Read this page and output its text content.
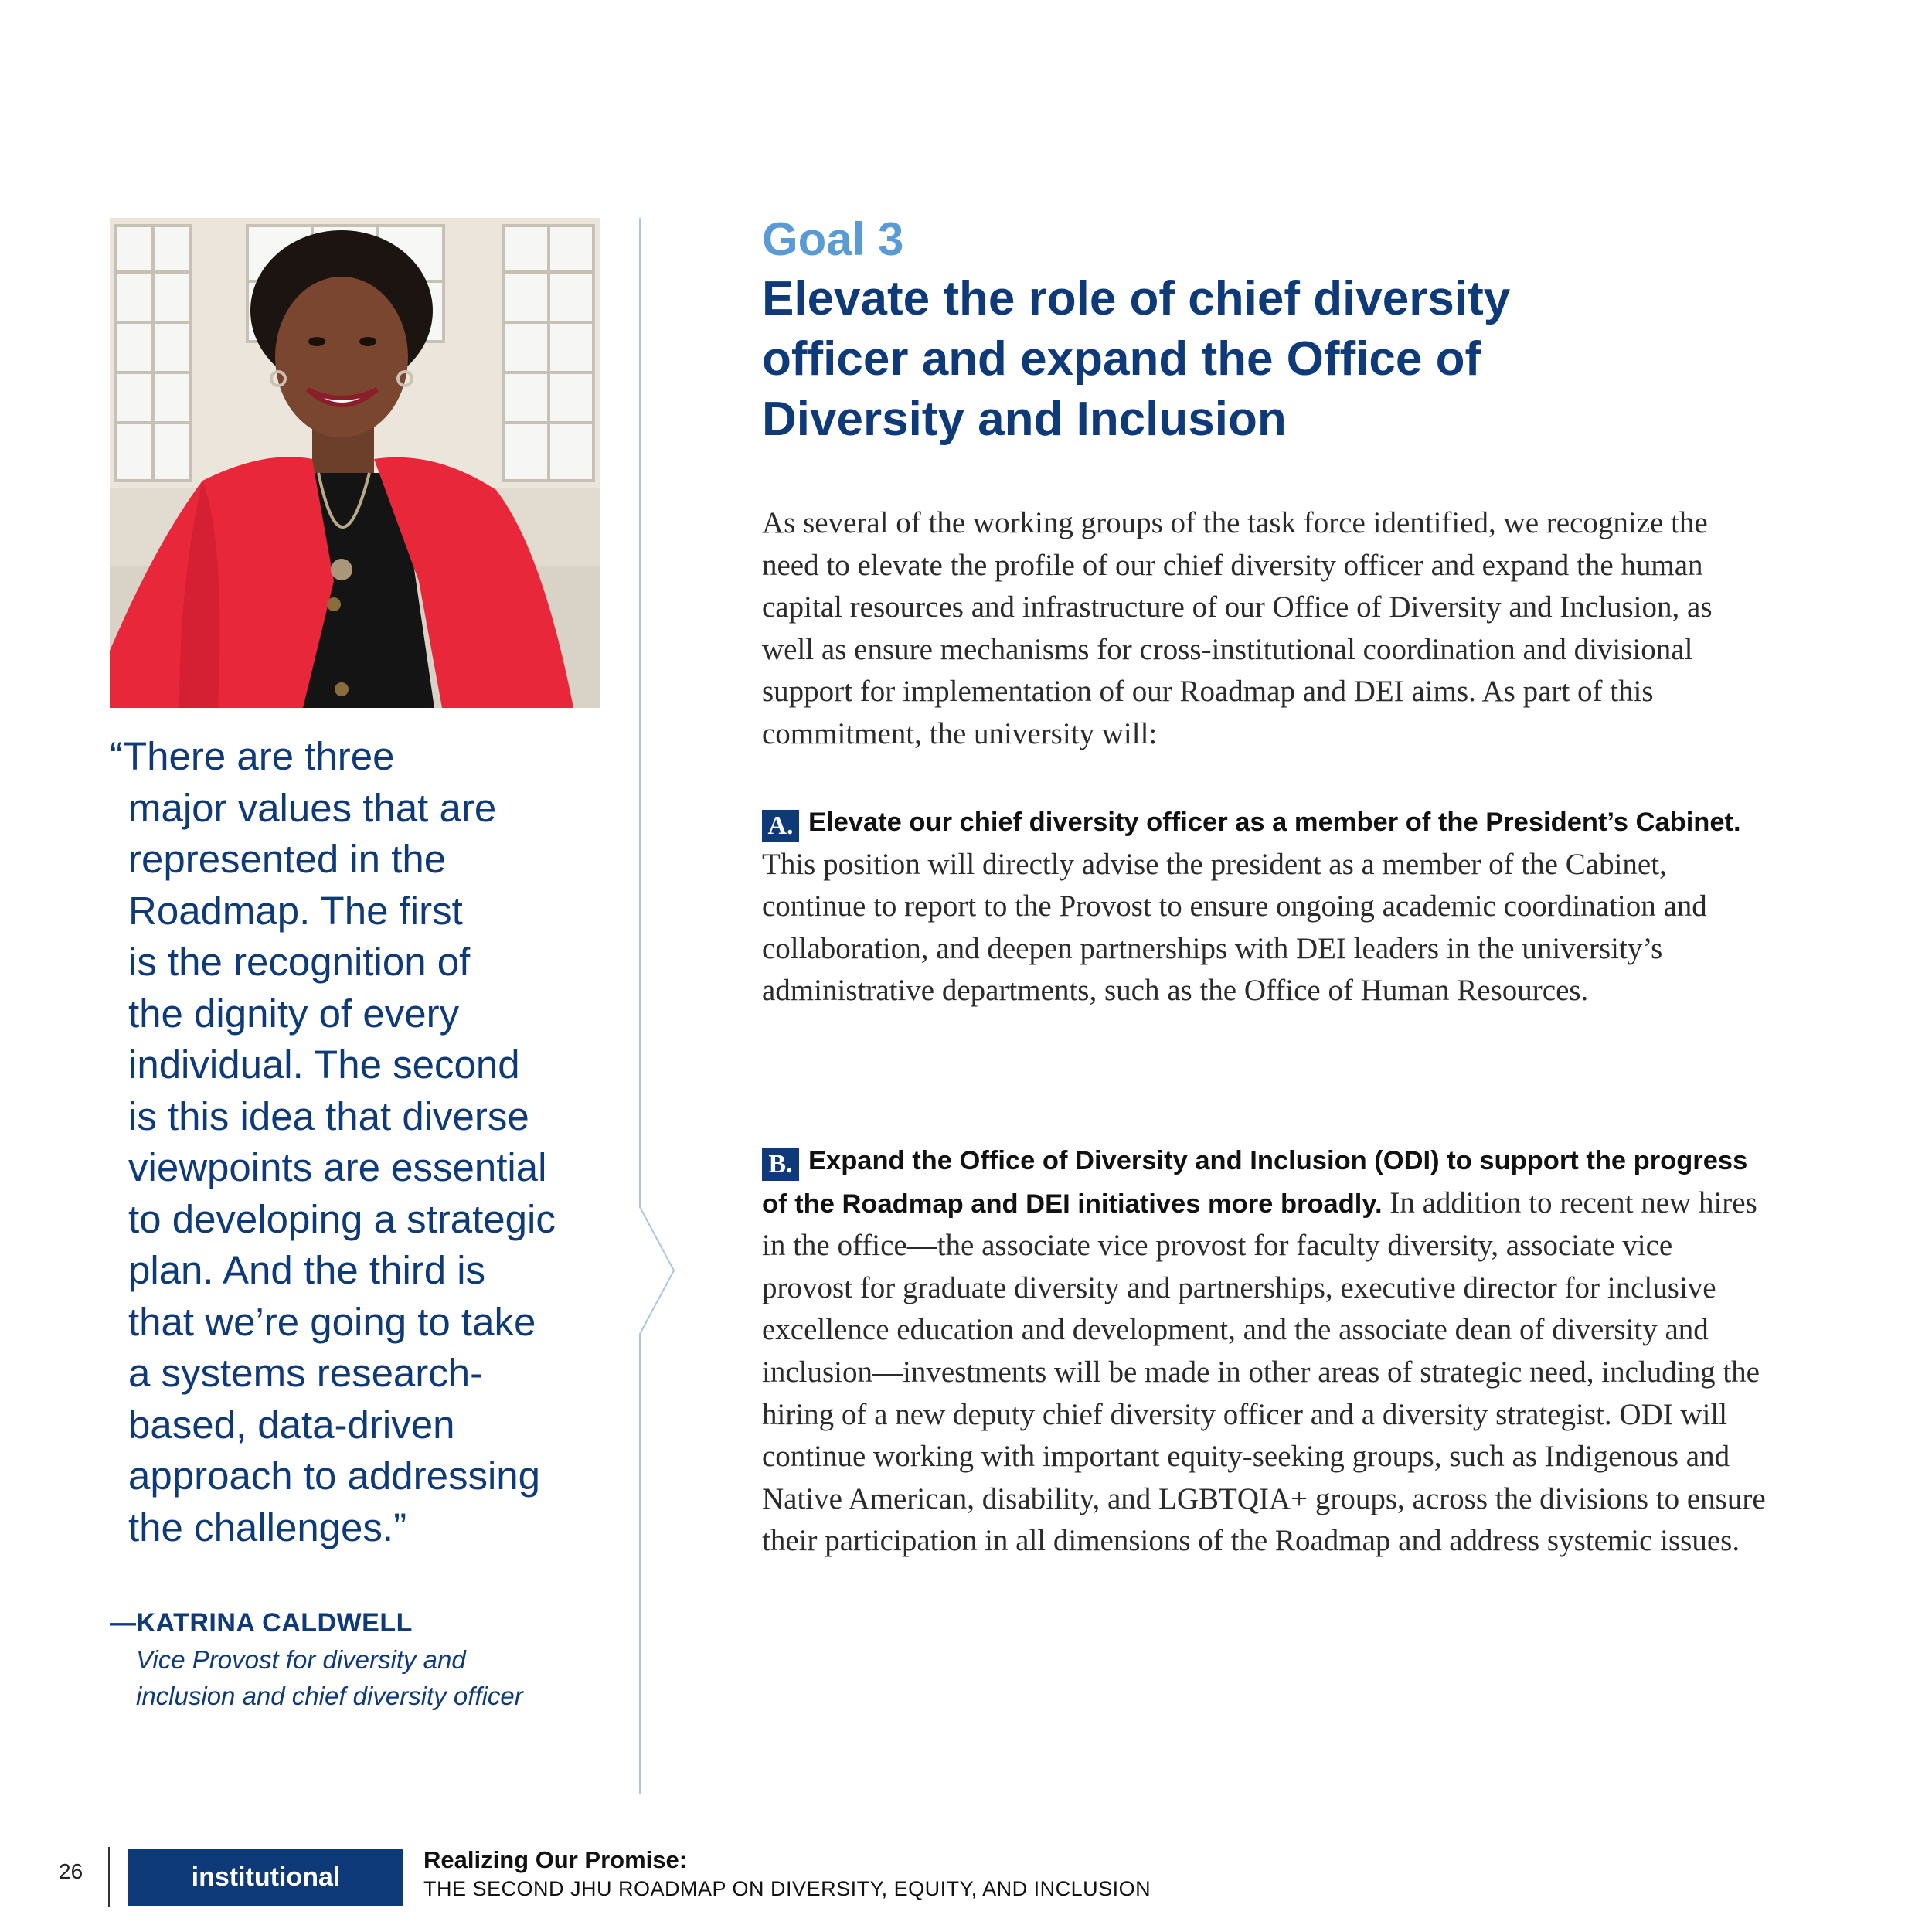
“There are three
major values that are
represented in the
Roadmap. The first
is the recognition of
the dignity of every
individual. The second
is this idea that diverse
viewpoints are essential
to developing a strategic
plan. And the third is
that we’re going to take
a systems research-
based, data-driven
approach to addressing
the challenges.”

—KATRINA CALDWELL
Vice Provost for diversity and
inclusion and chief diversity officer
Goal 3
Elevate the role of chief diversity
officer and expand the Office of
Diversity and Inclusion

As several of the working groups of the task force identified, we recognize the need to elevate the profile of our chief diversity officer and expand the human capital resources and infrastructure of our Office of Diversity and Inclusion, as well as ensure mechanisms for cross-institutional coordination and divisional support for implementation of our Roadmap and DEI aims. As part of this commitment, the university will:

A. Elevate our chief diversity officer as a member of the President’s Cabinet. This position will directly advise the president as a member of the Cabinet, continue to report to the Provost to ensure ongoing academic coordination and collaboration, and deepen partnerships with DEI leaders in the university’s administrative departments, such as the Office of Human Resources.

B. Expand the Office of Diversity and Inclusion (ODI) to support the progress of the Roadmap and DEI initiatives more broadly. In addition to recent new hires in the office—the associate vice provost for faculty diversity, associate vice provost for graduate diversity and partnerships, executive director for inclusive excellence education and development, and the associate dean of diversity and inclusion—investments will be made in other areas of strategic need, including the hiring of a new deputy chief diversity officer and a diversity strategist. ODI will continue working with important equity-seeking groups, such as Indigenous and Native American, disability, and LGBTQIA+ groups, across the divisions to ensure their participation in all dimensions of the Roadmap and address systemic issues.

26	institutional
Realizing Our Promise:
THE SECOND JHU ROADMAP ON DIVERSITY, EQUITY, AND INCLUSION
